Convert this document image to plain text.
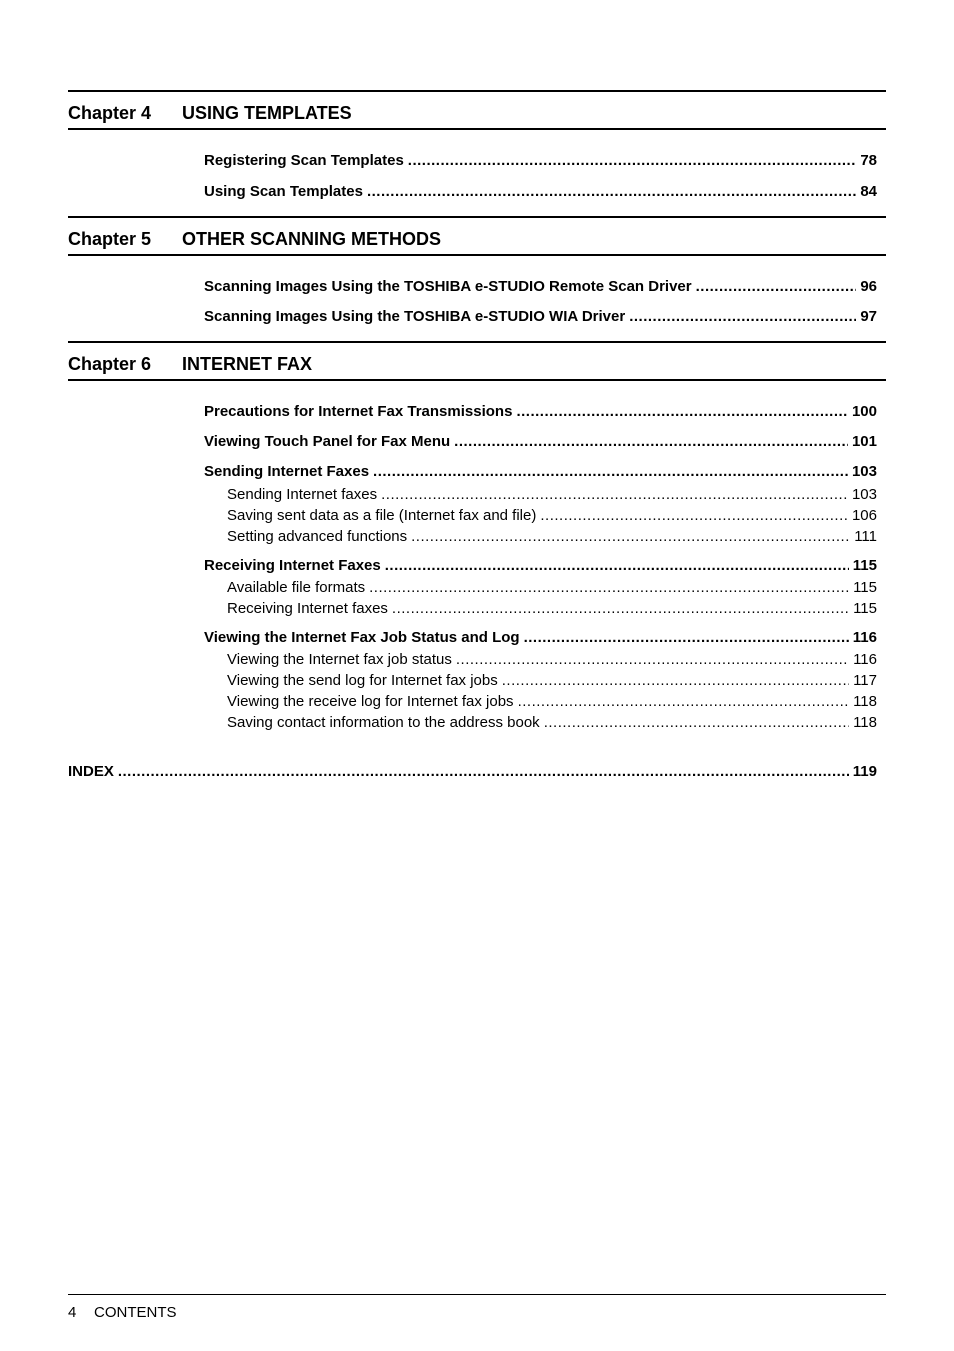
Chapter 4 USING TEMPLATES
Registering Scan Templates .....	78
Using Scan Templates .....	84
Chapter 5 OTHER SCANNING METHODS
Scanning Images Using the TOSHIBA e-STUDIO Remote Scan Driver .....	96
Scanning Images Using the TOSHIBA e-STUDIO WIA Driver .....	97
Chapter 6 INTERNET FAX
Precautions for Internet Fax Transmissions .....	100
Viewing Touch Panel for Fax Menu .....	101
Sending Internet Faxes .....	103
Sending Internet faxes .....	103
Saving sent data as a file (Internet fax and file) .....	106
Setting advanced functions .....	111
Receiving Internet Faxes .....	115
Available file formats .....	115
Receiving Internet faxes .....	115
Viewing the Internet Fax Job Status and Log .....	116
Viewing the Internet fax job status .....	116
Viewing the send log for Internet fax jobs .....	117
Viewing the receive log for Internet fax jobs .....	118
Saving contact information to the address book .....	118
INDEX .....	119
4 CONTENTS
